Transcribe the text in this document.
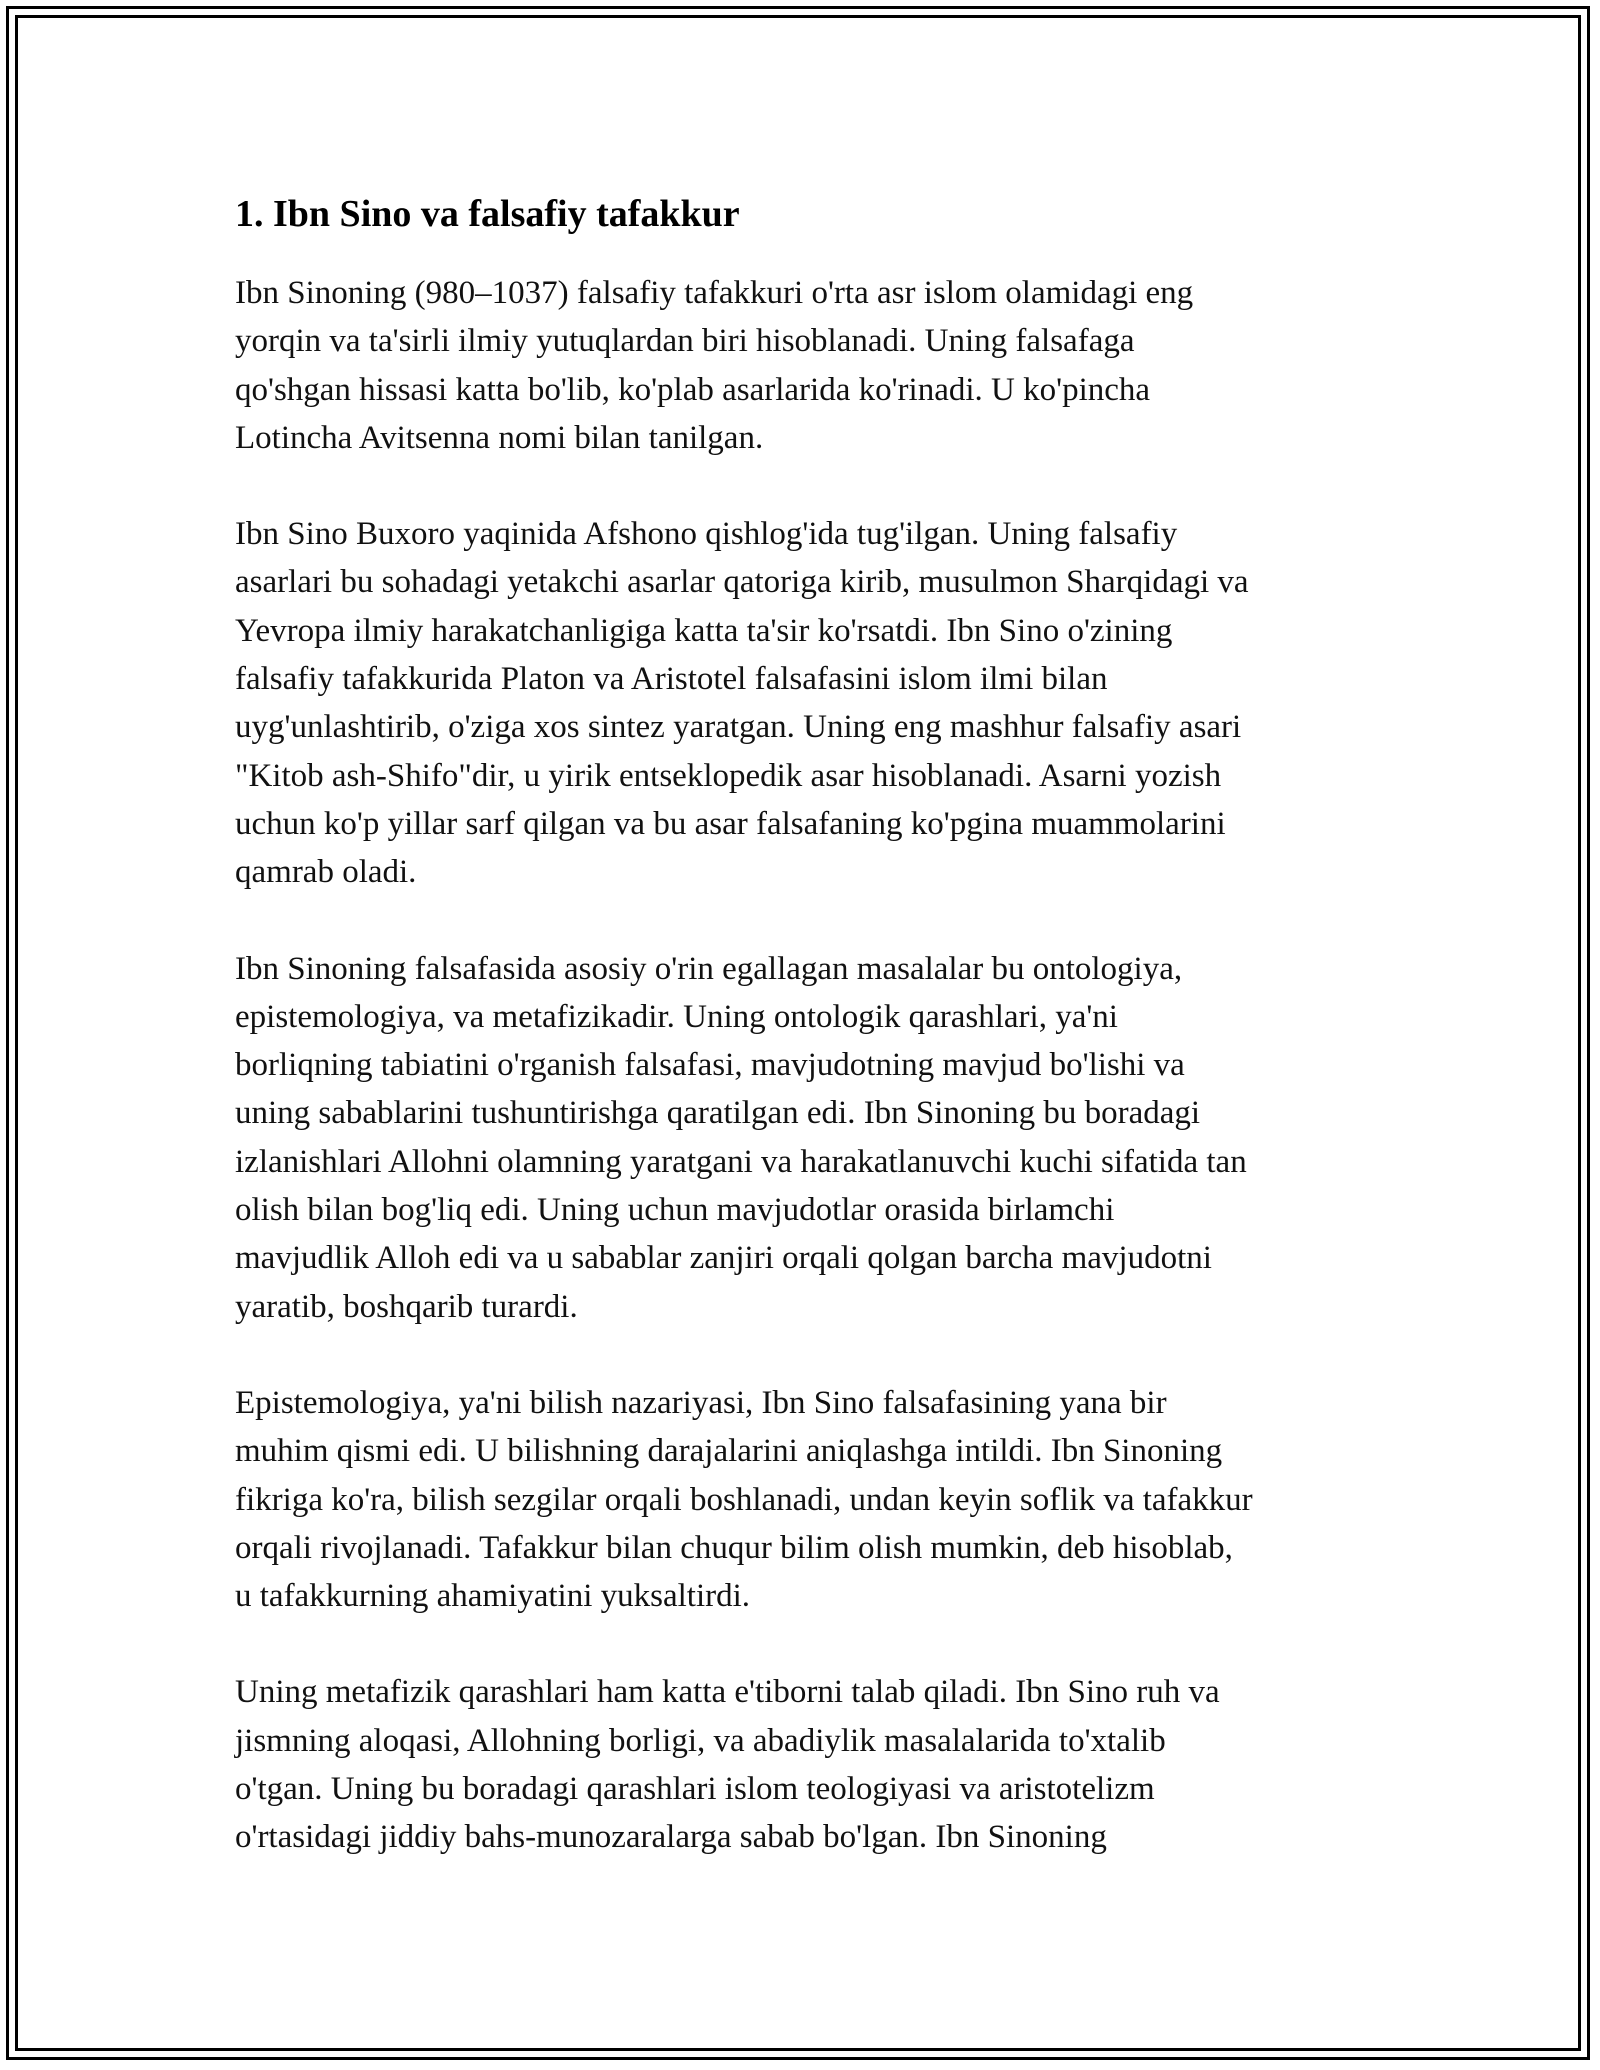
1. Ibn Sino va falsafiy tafakkur

Ibn Sinoning (980–1037) falsafiy tafakkuri o'rta asr islom olamidagi eng
yorqin va ta'sirli ilmiy yutuqlardan biri hisoblanadi. Uning falsafaga
qo'shgan hissasi katta bo'lib, ko'plab asarlarida ko'rinadi. U ko'pincha
Lotincha Avitsenna nomi bilan tanilgan.

Ibn Sino Buxoro yaqinida Afshono qishlog'ida tug'ilgan. Uning falsafiy
asarlari bu sohadagi yetakchi asarlar qatoriga kirib, musulmon Sharqidagi va
Yevropa ilmiy harakatchanligiga katta ta'sir ko'rsatdi. Ibn Sino o'zining
falsafiy tafakkurida Platon va Aristotel falsafasini islom ilmi bilan
uyg'unlashtirib, o'ziga xos sintez yaratgan. Uning eng mashhur falsafiy asari
"Kitob ash-Shifo"dir, u yirik entseklopedik asar hisoblanadi. Asarni yozish
uchun ko'p yillar sarf qilgan va bu asar falsafaning ko'pgina muammolarini
qamrab oladi.

Ibn Sinoning falsafasida asosiy o'rin egallagan masalalar bu ontologiya,
epistemologiya, va metafizikadir. Uning ontologik qarashlari, ya'ni
borliqning tabiatini o'rganish falsafasi, mavjudotning mavjud bo'lishi va
uning sabablarini tushuntirishga qaratilgan edi. Ibn Sinoning bu boradagi
izlanishlari Allohni olamning yaratgani va harakatlanuvchi kuchi sifatida tan
olish bilan bog'liq edi. Uning uchun mavjudotlar orasida birlamchi
mavjudlik Alloh edi va u sabablar zanjiri orqali qolgan barcha mavjudotni
yaratib, boshqarib turardi.

Epistemologiya, ya'ni bilish nazariyasi, Ibn Sino falsafasining yana bir
muhim qismi edi. U bilishning darajalarini aniqlashga intildi. Ibn Sinoning
fikriga ko'ra, bilish sezgilar orqali boshlanadi, undan keyin soflik va tafakkur
orqali rivojlanadi. Tafakkur bilan chuqur bilim olish mumkin, deb hisoblab,
u tafakkurning ahamiyatini yuksaltirdi.

Uning metafizik qarashlari ham katta e'tiborni talab qiladi. Ibn Sino ruh va
jismning aloqasi, Allohning borligi, va abadiylik masalalarida to'xtalib
o'tgan. Uning bu boradagi qarashlari islom teologiyasi va aristotelizm
o'rtasidagi jiddiy bahs-munozaralarga sabab bo'lgan. Ibn Sinoning
